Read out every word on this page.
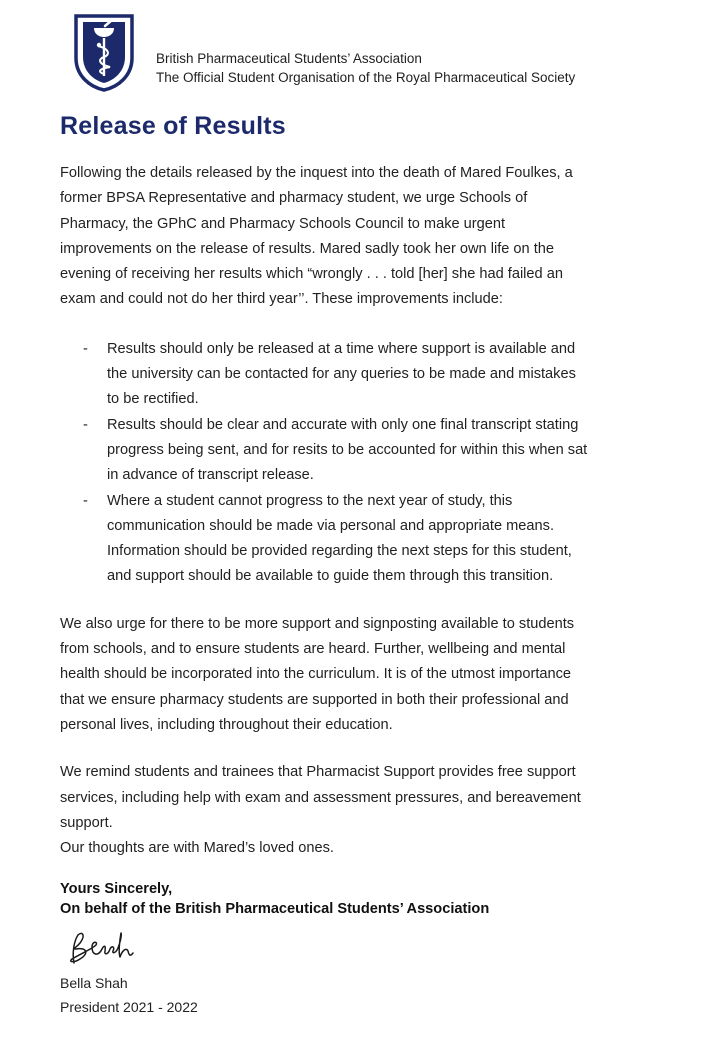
British Pharmaceutical Students’ Association
The Official Student Organisation of the Royal Pharmaceutical Society
Release of Results

Following the details released by the inquest into the death of Mared Foulkes, a
former BPSA Representative and pharmacy student, we urge Schools of
Pharmacy, the GPhC and Pharmacy Schools Council to make urgent
improvements on the release of results. Mared sadly took her own life on the
evening of receiving her results which “wrongly . . . told [her] she had failed an
exam and could not do her third year’’. These improvements include:

- Results should only be released at a time where support is available and
the university can be contacted for any queries to be made and mistakes
to be rectified.
- Results should be clear and accurate with only one final transcript stating
progress being sent, and for resits to be accounted for within this when sat
in advance of transcript release.
- Where a student cannot progress to the next year of study, this
communication should be made via personal and appropriate means.
Information should be provided regarding the next steps for this student,
and support should be available to guide them through this transition.

We also urge for there to be more support and signposting available to students
from schools, and to ensure students are heard. Further, wellbeing and mental
health should be incorporated into the curriculum. It is of the utmost importance
that we ensure pharmacy students are supported in both their professional and
personal lives, including throughout their education.

We remind students and trainees that Pharmacist Support provides free support
services, including help with exam and assessment pressures, and bereavement
support.
Our thoughts are with Mared’s loved ones.

Yours Sincerely,
On behalf of the British Pharmaceutical Students’ Association
Bella Shah
President 2021 - 2022
